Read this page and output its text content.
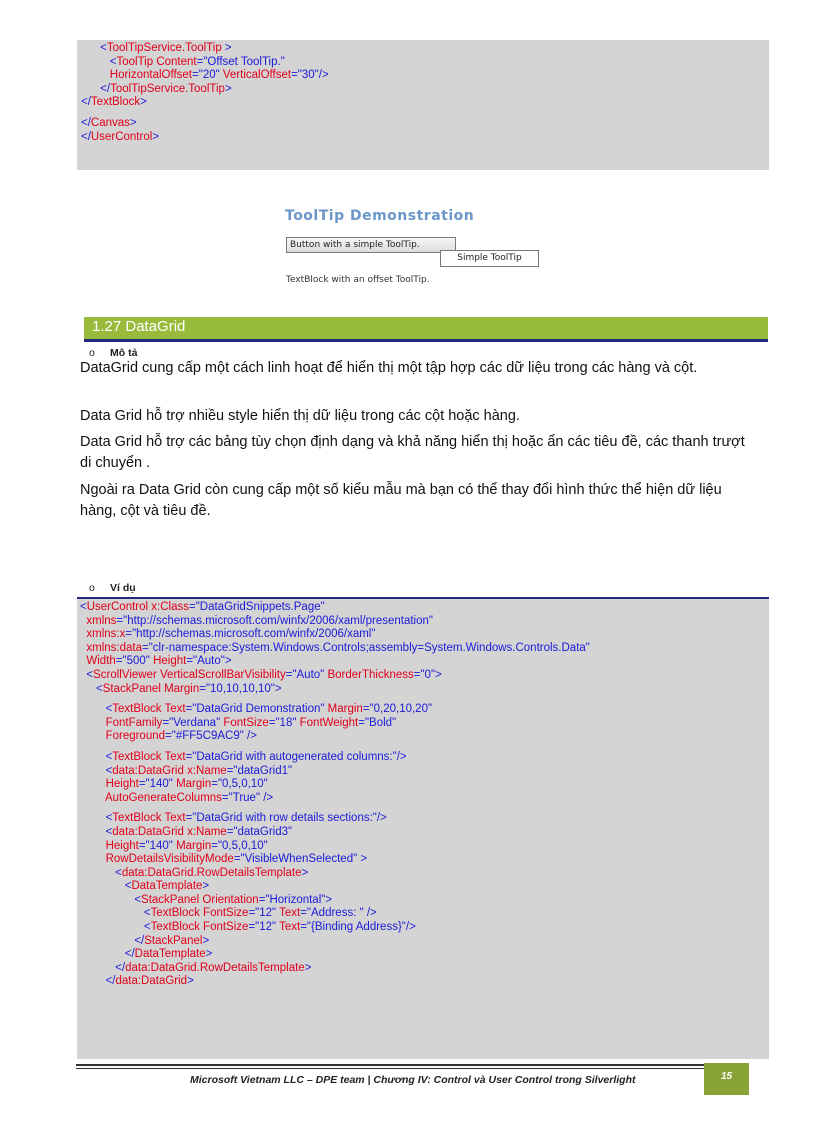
<ToolTipService.ToolTip >
<ToolTip Content="Offset ToolTip."
HorizontalOffset="20" VerticalOffset="30"/>
</ToolTipService.ToolTip>
</TextBlock>
</Canvas>
</UserControl>
ToolTip Demonstration
Button with a simple ToolTip.
Simple ToolTip
TextBlock with an offset ToolTip.
1.27 DataGrid
o Mô tả
DataGrid cung cấp một cách linh hoạt để hiển thị một tập hợp các dữ liệu trong các hàng và cột.
Data Grid hỗ trợ nhiều style hiển thị dữ liệu trong các cột hoặc hàng.
Data Grid hỗ trợ các bảng tùy chọn định dạng và khả năng hiển thị hoặc ẩn các tiêu đề, các thanh trượt di chuyển .
Ngoài ra Data Grid còn cung cấp một số kiểu mẫu mà bạn có thể thay đổi hình thức thể hiện dữ liệu hàng, cột và tiêu đề.
o Ví dụ
<UserControl x:Class="DataGridSnippets.Page"
xmlns="http://schemas.microsoft.com/winfx/2006/xaml/presentation"
xmlns:x="http://schemas.microsoft.com/winfx/2006/xaml"
xmlns:data="clr-namespace:System.Windows.Controls;assembly=System.Windows.Controls.Data"
Width="500" Height="Auto">
<ScrollViewer VerticalScrollBarVisibility="Auto" BorderThickness="0">
<StackPanel Margin="10,10,10,10">
<TextBlock Text="DataGrid Demonstration" Margin="0,20,10,20"
FontFamily="Verdana" FontSize="18" FontWeight="Bold"
Foreground="#FF5C9AC9" />
<TextBlock Text="DataGrid with autogenerated columns:"/>
<data:DataGrid x:Name="dataGrid1"
Height="140" Margin="0,5,0,10"
AutoGenerateColumns="True" />
<TextBlock Text="DataGrid with row details sections:"/>
<data:DataGrid x:Name="dataGrid3"
Height="140" Margin="0,5,0,10"
RowDetailsVisibilityMode="VisibleWhenSelected" >
<data:DataGrid.RowDetailsTemplate>
<DataTemplate>
<StackPanel Orientation="Horizontal">
<TextBlock FontSize="12" Text="Address: " />
<TextBlock FontSize="12" Text="{Binding Address}"/>
</StackPanel>
</DataTemplate>
</data:DataGrid.RowDetailsTemplate>
</data:DataGrid>
Microsoft Vietnam LLC – DPE team | Chương IV: Control và User Control trong Silverlight	15
